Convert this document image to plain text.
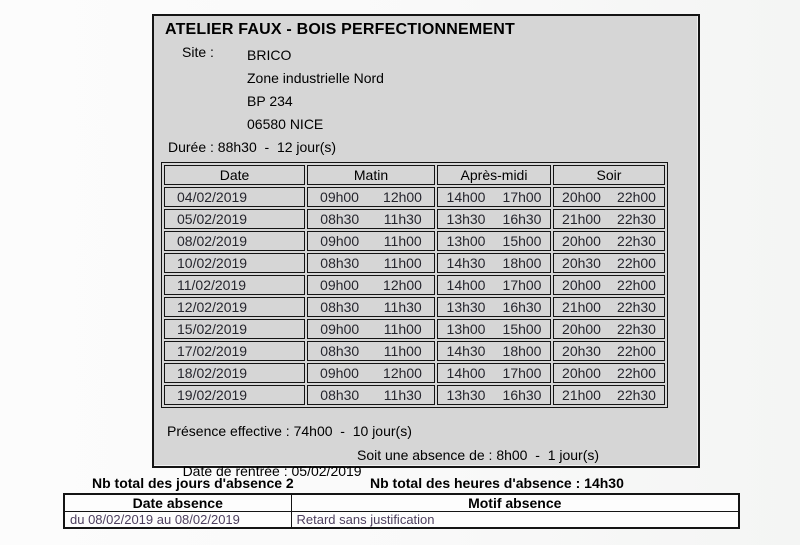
ATELIER FAUX - BOIS PERFECTIONNEMENT
Site : BRICO
Zone industrielle Nord
BP 234
06580 NICE
Durée : 88h30  -  12 jour(s)
Date	Matin	Après-midi	Soir
04/02/2019	09h00 12h00	14h00 17h00	20h00 22h00

05/02/2019	08h30 11h30	13h30 16h30	21h00 22h30

08/02/2019	09h00 11h00	13h00 15h00	20h00 22h30

10/02/2019	08h30 11h00	14h30 18h00	20h30 22h00

11/02/2019	09h00 12h00	14h00 17h00	20h00 22h00

12/02/2019	08h30 11h30	13h30 16h30	21h00 22h30

15/02/2019	09h00 11h00	13h00 15h00	20h00 22h30

17/02/2019	08h30 11h00	14h30 18h00	20h30 22h00

18/02/2019	09h00 12h00	14h00 17h00	20h00 22h00

19/02/2019	08h30 11h30	13h30 16h30	21h00 22h30
Présence effective : 74h00  -  10 jour(s)

Date de rentrée : 05/02/2019

Soit une absence de : 8h00  -  1 jour(s)

Nb total des jours d'absence 2	Nb total des heures d'absence : 14h30
Date absence	Motif absence
du 08/02/2019 au 08/02/2019	Retard sans justification
